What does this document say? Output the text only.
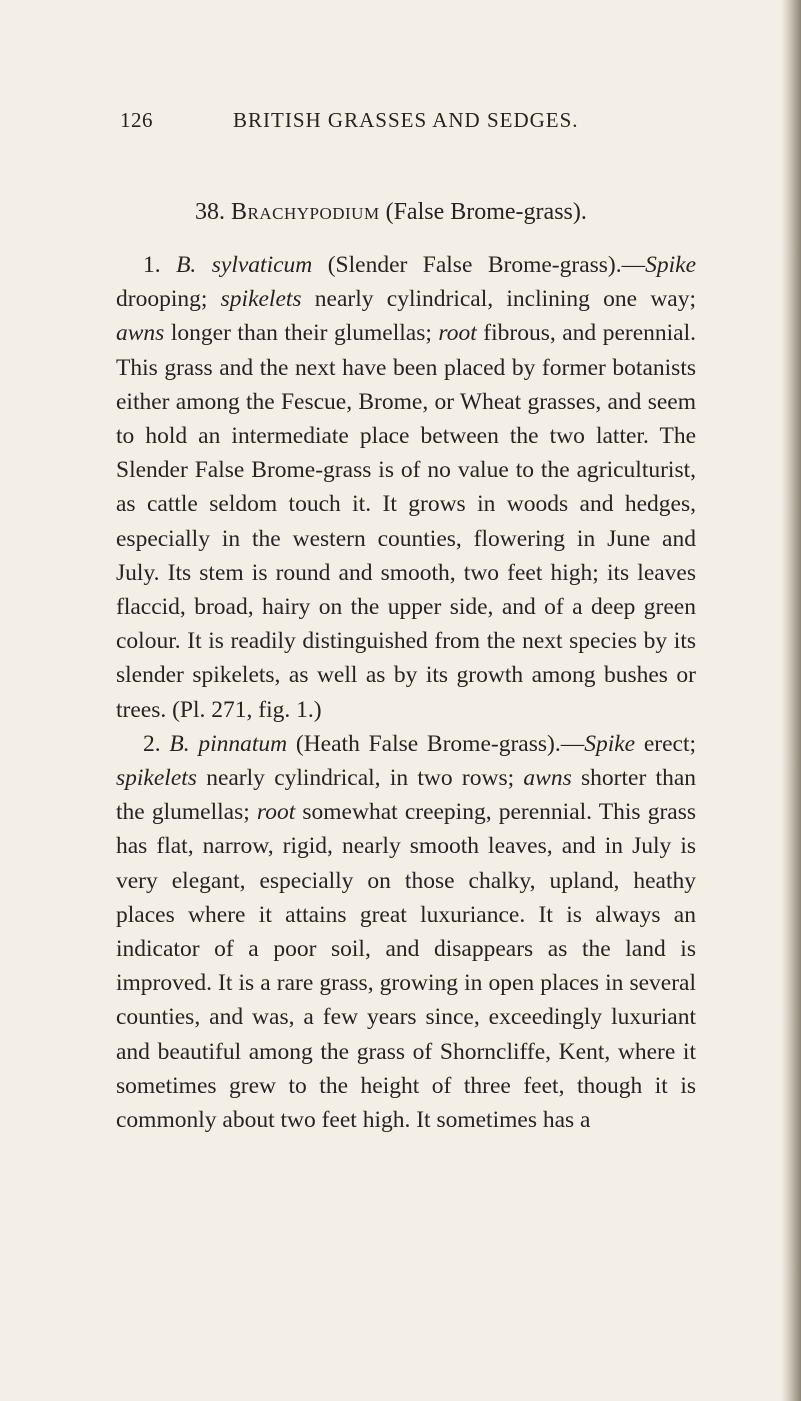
126	BRITISH GRASSES AND SEDGES.
38. Brachypodium (False Brome-grass).

1. B. sylvaticum (Slender False Brome-grass).—Spike drooping; spikelets nearly cylindrical, inclining one way; awns longer than their glumellas; root fibrous, and perennial. This grass and the next have been placed by former botanists either among the Fescue, Brome, or Wheat grasses, and seem to hold an intermediate place between the two latter. The Slender False Brome-grass is of no value to the agriculturist, as cattle seldom touch it. It grows in woods and hedges, especially in the western counties, flowering in June and July. Its stem is round and smooth, two feet high; its leaves flaccid, broad, hairy on the upper side, and of a deep green colour. It is readily distinguished from the next species by its slender spikelets, as well as by its growth among bushes or trees. (Pl. 271, fig. 1.)

2. B. pinnatum (Heath False Brome-grass).—Spike erect; spikelets nearly cylindrical, in two rows; awns shorter than the glumellas; root somewhat creeping, perennial. This grass has flat, narrow, rigid, nearly smooth leaves, and in July is very elegant, especially on those chalky, upland, heathy places where it attains great luxuriance. It is always an indicator of a poor soil, and disappears as the land is improved. It is a rare grass, growing in open places in several counties, and was, a few years since, exceedingly luxuriant and beautiful among the grass of Shorncliffe, Kent, where it sometimes grew to the height of three feet, though it is commonly about two feet high. It sometimes has a
